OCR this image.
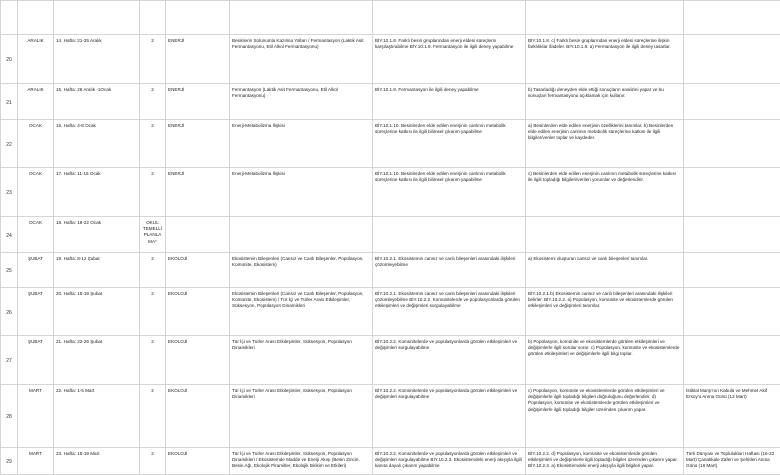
20	ARALIK	14. Hafta: 21-25 Aralık	2	ENERJİ	Besinlerin Solunumla Kazılma Yolları / Fermantasyon (Laktik Asit Fermantasyonu, Etil Alkol Fermantasyonu)	BİY.10.1.8. Farklı besin gruplarından enerji eldesi süreçlerin karşılaştırabilme BİY.10.1.9. Fermantasyon ile ilgili deney yapabilme	BİY.10.1.8. c) Farklı besin gruplarından enerji eldesi süreçlerine ilişkin farklılıklar ifadeler. BİY.10.1.9. a) Fermantasyon ile ilgili deney tasarlar.	
21	ARALIK	15. Hafta: 28 Aralık -1Ocak	2	ENERJİ	Fermantasyon (Laktik Asit Fermantasyonu, Etil Alkol Fermantasyonu)	BİY.10.1.9. Fermantasyon ile ilgili deney yapabilme	b) Tasarladığı deneyden elde ettiği sonuçların analizini yapar ve bu sonuçları fermantasyonu açıklamak için kullanır.	
22	OCAK	16. Hafta: 4-8 Ocak	2	ENERJİ	Enerji-Metabolizma İlişkisi	BİY.10.1.10. Besinlerden elde edilen enerjinin canlının metabolik süreçlerine katkısı ile ilgili bilimsel çıkarım yapabilme	a) Besinlerden elde edilen enerjinin özelliklerini tanımlar. b) Besinlerden elde edilen enerjinin canlının metabolik süreçlerine katkısı ile ilgili bilgiler/veriler toplar ve kaydeder.	
23	OCAK	17. Hafta: 11-15 Ocak	2	ENERJİ	Enerji-Metabolizma İlişkisi	BİY.10.1.10. Besinlerden elde edilen enerjinin canlının metabolik süreçlerine katkısı ile ilgili bilimsel çıkarım yapabilme	c) Besinlerden elde edilen enerjinin canlının metabolik süreçlerine katkısı ile ilgili topladığı bilgileri/verileri yorumlar ve değerlendirir.	
24	OCAK	18. Hafta: 18-22 Ocak	OKUL TEMELLİ PLANLAMA*					
25	ŞUBAT	19. Hafta: 8-12 Şubat	2	EKOLOJİ	Ekosistemin Bileşenleri (Cansız ve Canlı Bileşenler, Popülasyon, Komünite, Ekosistem)	BİY.10.2.1. Ekosistemin cansız ve canlı bileşenleri arasındaki ilişkileri çözümleyebilme	a) Ekosistemi oluşturan cansız ve canlı bileşenleri tanımlar.	
26	ŞUBAT	20. Hafta: 15-19 Şubat	2	EKOLOJİ	Ekosistemin Bileşenleri (Cansız ve Canlı Bileşenler, Popülasyon, Komünite, Ekosistem) / Tür İçi ve Türler Arası Etkileşimler, Süksesyon, Popülasyon Dinamikleri	BİY.10.2.1. Ekosistemin cansız ve canlı bileşenleri arasındaki ilişkileri çözümleyebilme BİY.10.2.2. Komünitelerde ve popülasyonlarda görülen etkileşimleri ve değişimleri sorgulayabilme	BİY.10.2.1.b) Ekosistemin cansız ve canlı bileşenleri arasındaki ilişkileri belirler. BİY.10.2.2. a) Popülasyon, komünite ve ekosistemlerde görülen etkileşimleri ve değişimleri tanımlar.	
27	ŞUBAT	21. Hafta: 22-26 Şubat	2	EKOLOJİ	Tür İçi ve Türler Arası Etkileşimler, Süksesyon, Popülasyon Dinamikleri	BİY.10.2.2. Komünitelerde ve popülasyonlarda görülen etkileşimleri ve değişimleri sorgulayabilme	b) Popülasyon, komünite ve ekosistemlerde görülen etkileşimleri ve değişimlerle ilgili sorular sorar. c) Popülasyon, komünite ve ekosistemlerde görülen etkileşimleri ve değişimlerle ilgili bilgi toplar.	
28	MART	22. Hafta: 1-5 Mart	2	EKOLOJİ	Tür İçi ve Türler Arası Etkileşimler, Süksesyon, Popülasyon Dinamikleri	BİY.10.2.2. Komünitelerde ve popülasyonlarda görülen etkileşimleri ve değişimleri sorgulayabilme	c) Popülasyon, komünite ve ekosistemlerde görülen etkileşimleri ve değişimlerle ilgili topladığı bilgileri doğruluğunu değerlendirir. d) Popülasyon, komünite ve ekosistemlerde görülen etkileşimleri ve değişimlerle ilgili topladığı bilgiler üzerinden çıkarım yapar.	İstiklal Marşı'nın Kabulü ve Mehmet Akif Ersoy'u Anma Günü (12 Mart)
29	MART	23. Hafta: 15-19 Mart	2	EKOLOJİ	Tür İçi ve Türler Arası Etkileşimler, Süksesyon, Popülasyon Dinamikleri / Ekosistemde Madde ve Enerji Akışı (Besin Zinciri, Besin Ağı, Ekolojik Piramitler, Ekolojik Birikim ve Etkileri)	BİY.10.2.2. Komünitelerde ve popülasyonlarda görülen etkileşimleri ve değişimleri sorgulayabilme BİY.10.2.3. Ekosistemdeki enerji akışıyla ilgili kanıta dayalı çıkarım yapabilme	BİY.10.2.2. d) Popülasyon, komünite ve ekosistemlerde görülen etkileşimleri ve değişimlerle ilgili topladığı bilgiler üzerinden çıkarım yapar. BİY.10.2.3. a) Ekosistemdeki enerji akışıyla ilgili bilgileri yapar.	Türk Dünyası ve Toplulukları Haftası (16-22 Mart) Çanakkale Zaferi ve Şehitleri Anma Günü (18 Mart)
